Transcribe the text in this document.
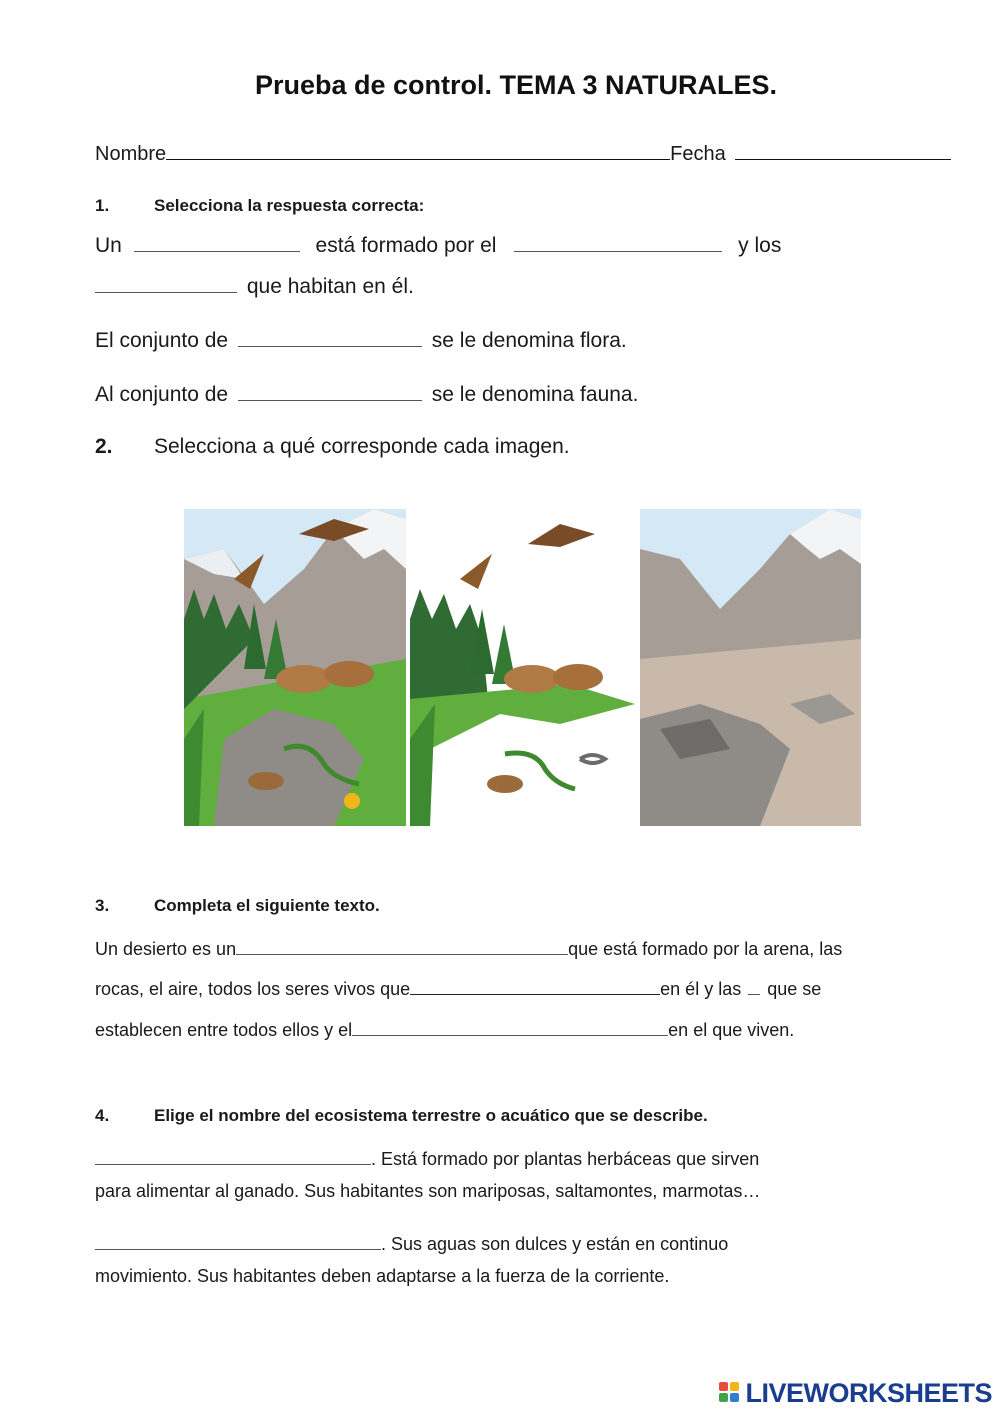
Prueba de control. TEMA 3 NATURALES.
Nombre	Fecha
1.	Selecciona la respuesta correcta:
Un	está formado por el	y los
que habitan en él.
El conjunto de	se le denomina flora.
Al conjunto de	se le denomina fauna.
2. Selecciona a qué corresponde cada imagen.
3.	Completa el siguiente texto.
Un desierto es un	que está formado por la arena, las
rocas, el aire, todos los seres vivos que	en él y las que se
establecen entre todos ellos y el	en el que viven.
4.	Elige el nombre del ecosistema terrestre o acuático que se describe.
. Está formado por plantas herbáceas que sirven
para alimentar al ganado. Sus habitantes son mariposas, saltamontes, marmotas…
. Sus aguas son dulces y están en continuo
movimiento. Sus habitantes deben adaptarse a la fuerza de la corriente.
LIVEWORKSHEETS
